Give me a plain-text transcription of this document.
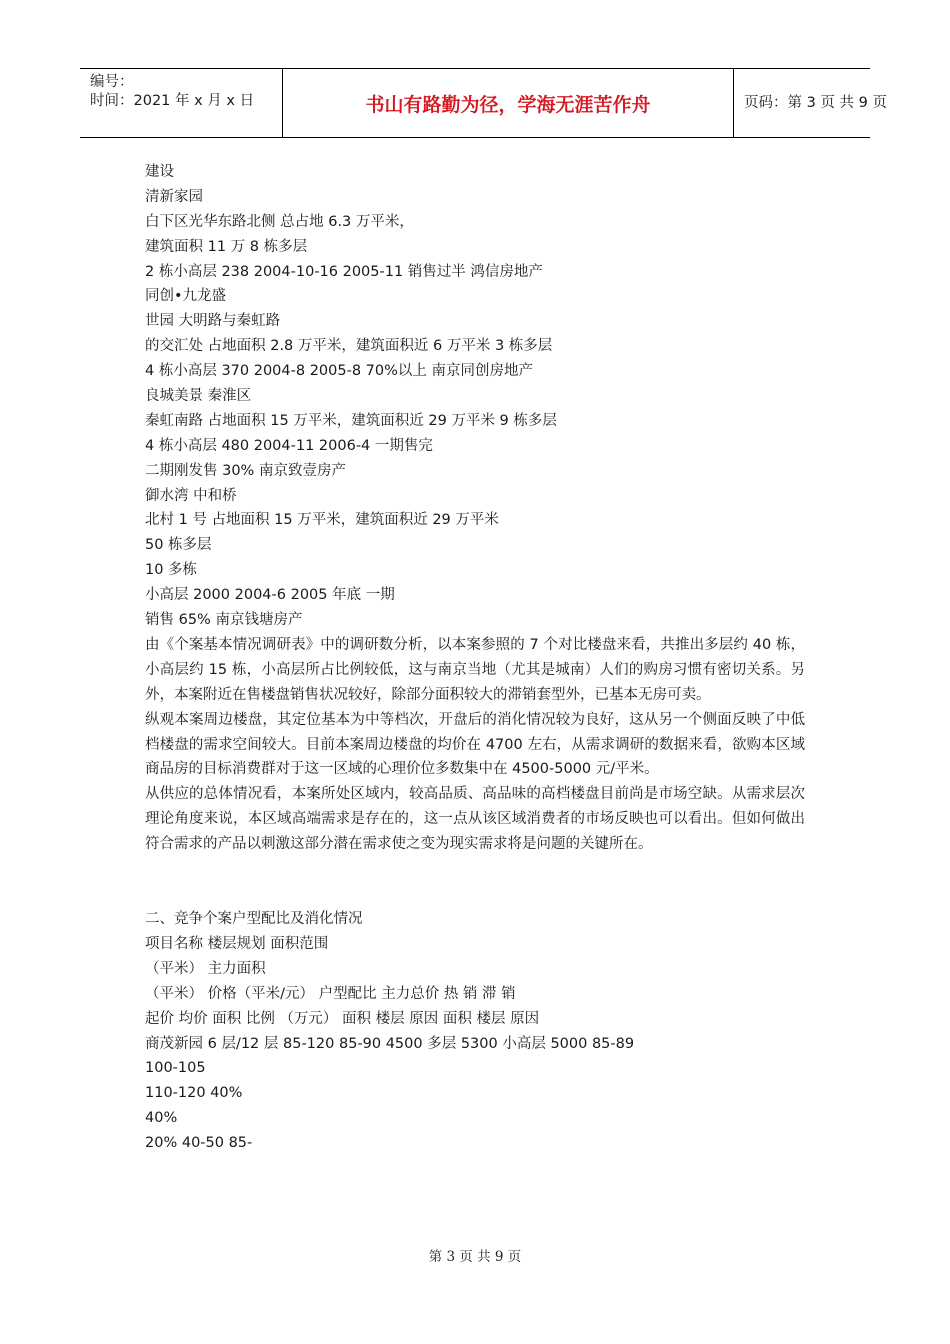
编号：
时间：2021 年 x 月 x 日	书山有路勤为径，学海无涯苦作舟	页码：第 3 页 共 9 页
建设
清新家园
白下区光华东路北侧 总占地 6.3 万平米，
建筑面积 11 万 8 栋多层
2 栋小高层 238 2004-10-16 2005-11 销售过半 鸿信房地产
同创•九龙盛
世园 大明路与秦虹路
的交汇处 占地面积 2.8 万平米，建筑面积近 6 万平米 3 栋多层
4 栋小高层 370 2004-8 2005-8 70%以上 南京同创房地产
良城美景 秦淮区
秦虹南路 占地面积 15 万平米，建筑面积近 29 万平米 9 栋多层
4 栋小高层 480 2004-11 2006-4 一期售完
二期刚发售 30% 南京致壹房产
御水湾 中和桥
北村 1 号 占地面积 15 万平米，建筑面积近 29 万平米
50 栋多层
10 多栋
小高层 2000 2004-6 2005 年底 一期
销售 65% 南京钱塘房产
由《个案基本情况调研表》中的调研数分析，以本案参照的 7 个对比楼盘来看，共推出多层约 40 栋，小高层约 15 栋，小高层所占比例较低，这与南京当地（尤其是城南）人们的购房习惯有密切关系。另外，本案附近在售楼盘销售状况较好，除部分面积较大的滞销套型外，已基本无房可卖。
纵观本案周边楼盘，其定位基本为中等档次，开盘后的消化情况较为良好，这从另一个侧面反映了中低档楼盘的需求空间较大。目前本案周边楼盘的均价在 4700 左右，从需求调研的数据来看，欲购本区域商品房的目标消费群对于这一区域的心理价位多数集中在 4500-5000 元/平米。
从供应的总体情况看，本案所处区域内，较高品质、高品味的高档楼盘目前尚是市场空缺。从需求层次理论角度来说，本区域高端需求是存在的，这一点从该区域消费者的市场反映也可以看出。但如何做出符合需求的产品以刺激这部分潜在需求使之变为现实需求将是问题的关键所在。
二、竞争个案户型配比及消化情况
项目名称 楼层规划 面积范围
（平米） 主力面积
（平米） 价格（平米/元） 户型配比 主力总价 热 销 滞 销
起价 均价 面积 比例 （万元） 面积 楼层 原因 面积 楼层 原因
商茂新园 6 层/12 层 85-120 85-90 4500 多层 5300 小高层 5000 85-89
100-105
110-120 40%
40%
20% 40-50 85-
第 3 页 共 9 页
